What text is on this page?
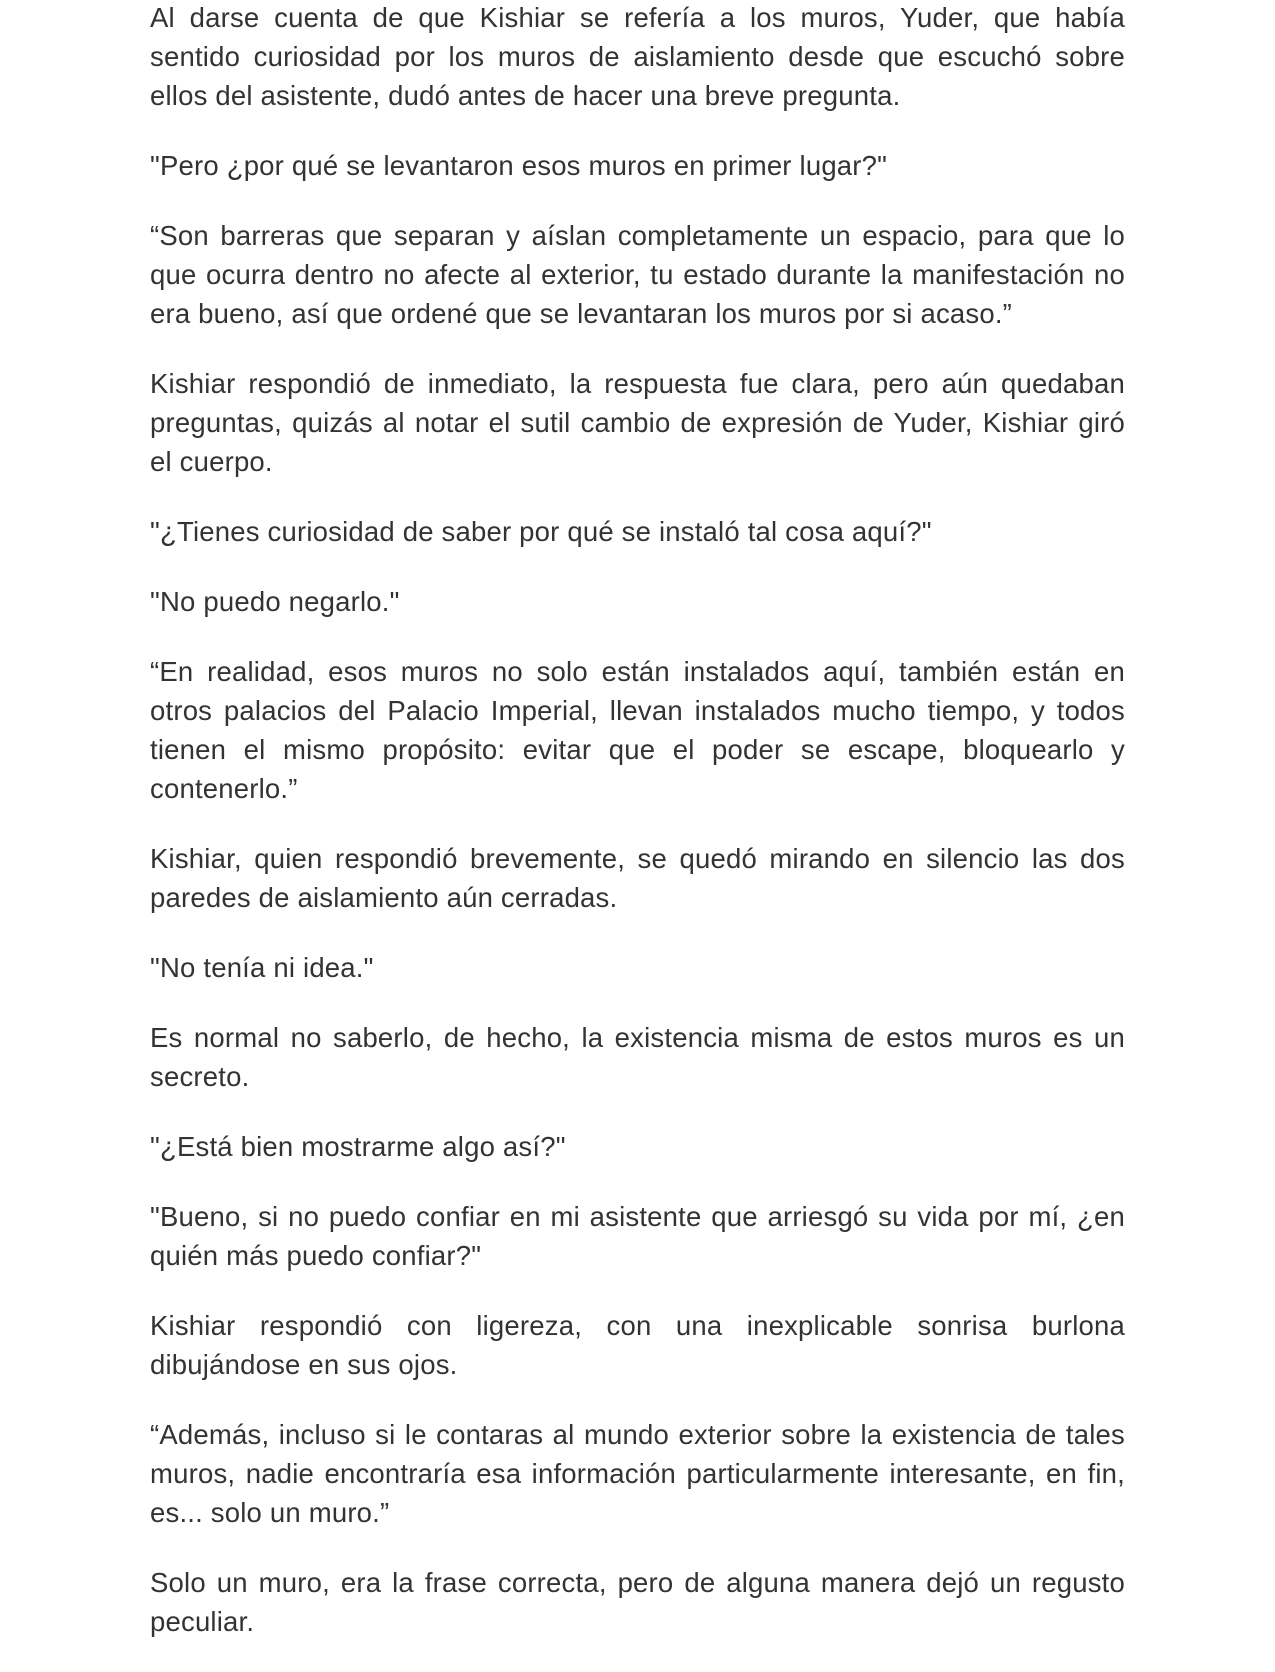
Al darse cuenta de que Kishiar se refería a los muros, Yuder, que había sentido curiosidad por los muros de aislamiento desde que escuchó sobre ellos del asistente, dudó antes de hacer una breve pregunta.

"Pero ¿por qué se levantaron esos muros en primer lugar?"

“Son barreras que separan y aíslan completamente un espacio, para que lo que ocurra dentro no afecte al exterior, tu estado durante la manifestación no era bueno, así que ordené que se levantaran los muros por si acaso.”

Kishiar respondió de inmediato, la respuesta fue clara, pero aún quedaban preguntas, quizás al notar el sutil cambio de expresión de Yuder, Kishiar giró el cuerpo.

"¿Tienes curiosidad de saber por qué se instaló tal cosa aquí?"

"No puedo negarlo."

“En realidad, esos muros no solo están instalados aquí, también están en otros palacios del Palacio Imperial, llevan instalados mucho tiempo, y todos tienen el mismo propósito: evitar que el poder se escape, bloquearlo y contenerlo.”

Kishiar, quien respondió brevemente, se quedó mirando en silencio las dos paredes de aislamiento aún cerradas.

"No tenía ni idea."

Es normal no saberlo, de hecho, la existencia misma de estos muros es un secreto.

"¿Está bien mostrarme algo así?"

"Bueno, si no puedo confiar en mi asistente que arriesgó su vida por mí, ¿en quién más puedo confiar?"

Kishiar respondió con ligereza, con una inexplicable sonrisa burlona dibujándose en sus ojos.

“Además, incluso si le contaras al mundo exterior sobre la existencia de tales muros, nadie encontraría esa información particularmente interesante, en fin, es... solo un muro.”

Solo un muro, era la frase correcta, pero de alguna manera dejó un regusto peculiar.
